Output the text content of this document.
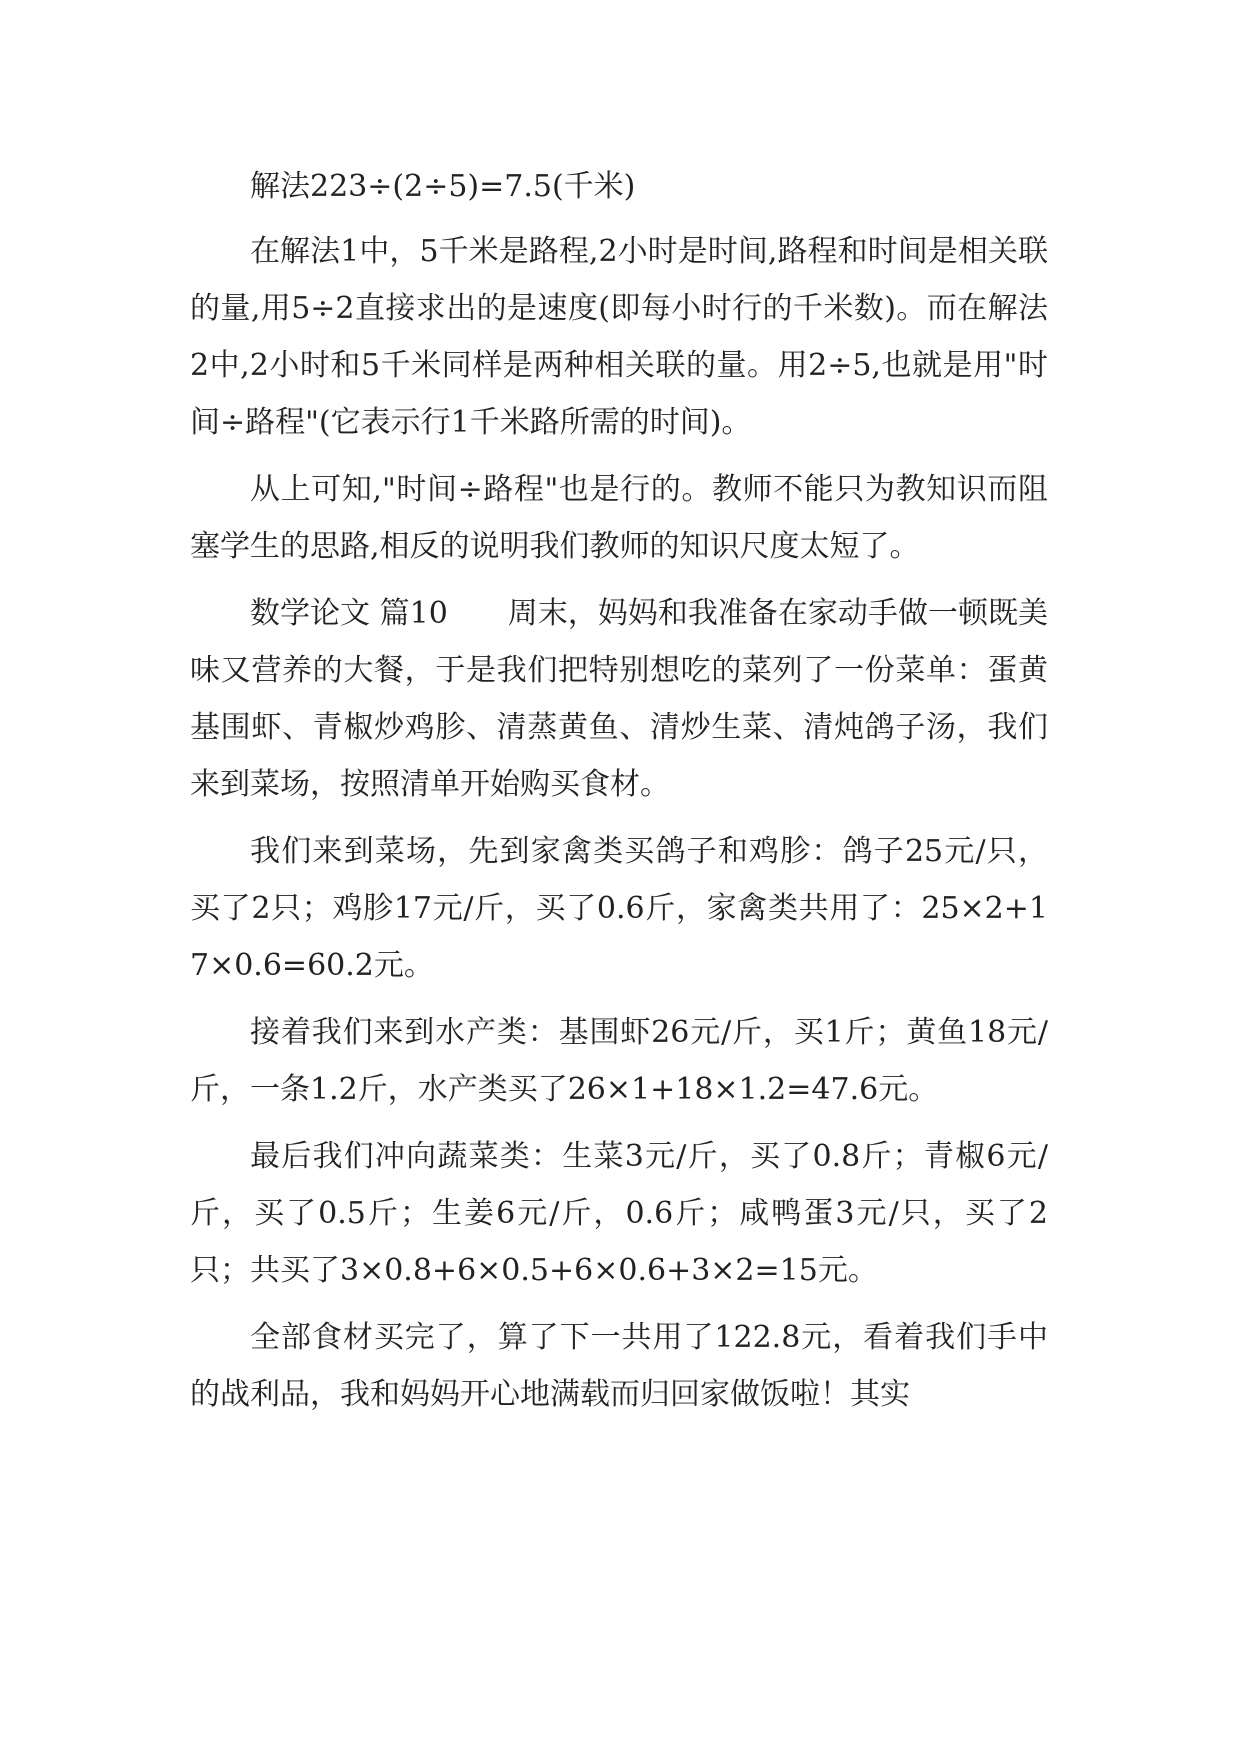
解法223÷(2÷5)=7.5(千米)

在解法1中，5千米是路程,2小时是时间,路程和时间是相关联的量,用5÷2直接求出的是速度(即每小时行的千米数)。而在解法2中,2小时和5千米同样是两种相关联的量。用2÷5,也就是用"时间÷路程"(它表示行1千米路所需的时间)。

从上可知,"时间÷路程"也是行的。教师不能只为教知识而阻塞学生的思路,相反的说明我们教师的知识尺度太短了。

数学论文 篇10　　周末，妈妈和我准备在家动手做一顿既美味又营养的大餐，于是我们把特别想吃的菜列了一份菜单：蛋黄基围虾、青椒炒鸡胗、清蒸黄鱼、清炒生菜、清炖鸽子汤，我们来到菜场，按照清单开始购买食材。

我们来到菜场，先到家禽类买鸽子和鸡胗：鸽子25元/只，买了2只；鸡胗17元/斤，买了0.6斤，家禽类共用了：25×2+17×0.6=60.2元。

接着我们来到水产类：基围虾26元/斤，买1斤；黄鱼18元/斤，一条1.2斤，水产类买了26×1+18×1.2=47.6元。

最后我们冲向蔬菜类：生菜3元/斤，买了0.8斤；青椒6元/斤，买了0.5斤；生姜6元/斤，0.6斤；咸鸭蛋3元/只，买了2只；共买了3×0.8+6×0.5+6×0.6+3×2=15元。

全部食材买完了，算了下一共用了122.8元，看着我们手中的战利品，我和妈妈开心地满载而归回家做饭啦！其实
